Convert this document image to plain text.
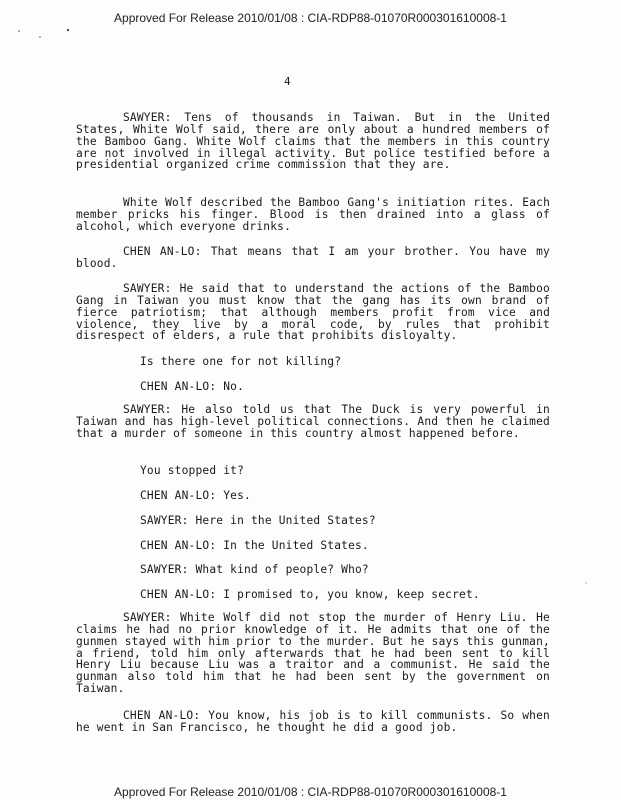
Approved For Release 2010/01/08 : CIA-RDP88-01070R000301610008-1
4

SAWYER: Tens of thousands in Taiwan. But in the United States, White Wolf said, there are only about a hundred members of the Bamboo Gang. White Wolf claims that the members in this country are not involved in illegal activity. But police testified before a presidential organized crime commission that they are.

White Wolf described the Bamboo Gang's initiation rites. Each member pricks his finger. Blood is then drained into a glass of alcohol, which everyone drinks.

CHEN AN-LO: That means that I am your brother. You have my blood.

SAWYER: He said that to understand the actions of the Bamboo Gang in Taiwan you must know that the gang has its own brand of fierce patriotism; that although members profit from vice and violence, they live by a moral code, by rules that prohibit disrespect of elders, a rule that prohibits disloyalty.

Is there one for not killing?

CHEN AN-LO: No.

SAWYER: He also told us that The Duck is very powerful in Taiwan and has high-level political connections. And then he claimed that a murder of someone in this country almost happened before.

You stopped it?

CHEN AN-LO: Yes.

SAWYER: Here in the United States?

CHEN AN-LO: In the United States.

SAWYER: What kind of people? Who?

CHEN AN-LO: I promised to, you know, keep secret.

SAWYER: White Wolf did not stop the murder of Henry Liu. He claims he had no prior knowledge of it. He admits that one of the gunmen stayed with him prior to the murder. But he says this gunman, a friend, told him only afterwards that he had been sent to kill Henry Liu because Liu was a traitor and a communist. He said the gunman also told him that he had been sent by the government on Taiwan.

CHEN AN-LO: You know, his job is to kill communists. So when he went in San Francisco, he thought he did a good job.

Approved For Release 2010/01/08 : CIA-RDP88-01070R000301610008-1
